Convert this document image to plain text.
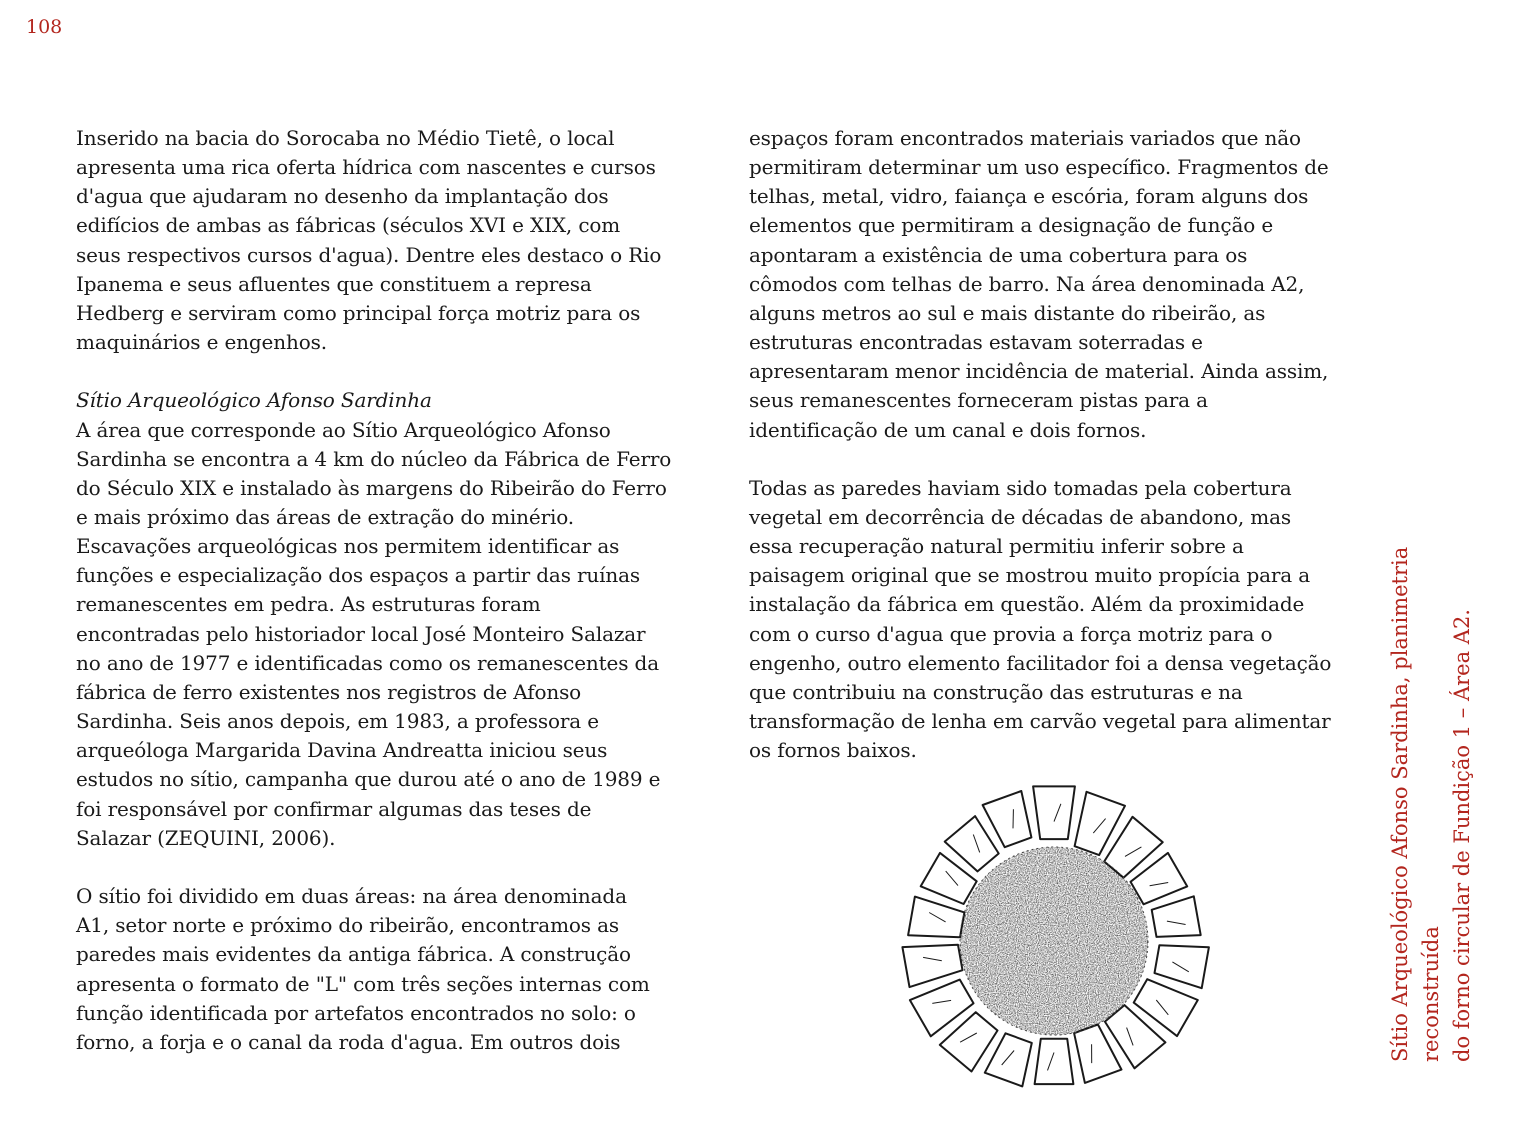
108

Inserido na bacia do Sorocaba no Médio Tietê, o local
apresenta uma rica oferta hídrica com nascentes e cursos
d'agua que ajudaram no desenho da implantação dos
edifícios de ambas as fábricas (séculos XVI e XIX, com
seus respectivos cursos d'agua). Dentre eles destaco o Rio
Ipanema e seus afluentes que constituem a represa
Hedberg e serviram como principal força motriz para os
maquinários e engenhos.

Sítio Arqueológico Afonso Sardinha

A área que corresponde ao Sítio Arqueológico Afonso
Sardinha se encontra a 4 km do núcleo da Fábrica de Ferro
do Século XIX e instalado às margens do Ribeirão do Ferro
e mais próximo das áreas de extração do minério.
Escavações arqueológicas nos permitem identificar as
funções e especialização dos espaços a partir das ruínas
remanescentes em pedra. As estruturas foram
encontradas pelo historiador local José Monteiro Salazar
no ano de 1977 e identificadas como os remanescentes da
fábrica de ferro existentes nos registros de Afonso
Sardinha. Seis anos depois, em 1983, a professora e
arqueóloga Margarida Davina Andreatta iniciou seus
estudos no sítio, campanha que durou até o ano de 1989 e
foi responsável por confirmar algumas das teses de
Salazar (ZEQUINI, 2006).

O sítio foi dividido em duas áreas: na área denominada
A1, setor norte e próximo do ribeirão, encontramos as
paredes mais evidentes da antiga fábrica. A construção
apresenta o formato de "L" com três seções internas com
função identificada por artefatos encontrados no solo: o
forno, a forja e o canal da roda d'agua. Em outros dois

espaços foram encontrados materiais variados que não
permitiram determinar um uso específico. Fragmentos de
telhas, metal, vidro, faiança e escória, foram alguns dos
elementos que permitiram a designação de função e
apontaram a existência de uma cobertura para os
cômodos com telhas de barro. Na área denominada A2,
alguns metros ao sul e mais distante do ribeirão, as
estruturas encontradas estavam soterradas e
apresentaram menor incidência de material. Ainda assim,
seus remanescentes forneceram pistas para a
identificação de um canal e dois fornos.

Todas as paredes haviam sido tomadas pela cobertura
vegetal em decorrência de décadas de abandono, mas
essa recuperação natural permitiu inferir sobre a
paisagem original que se mostrou muito propícia para a
instalação da fábrica em questão. Além da proximidade
com o curso d'agua que provia a força motriz para o
engenho, outro elemento facilitador foi a densa vegetação
que contribuiu na construção das estruturas e na
transformação de lenha em carvão vegetal para alimentar
os fornos baixos.

Sítio Arqueológico Afonso Sardinha, planimetria reconstruída
do forno circular de Fundição 1 – Área A2.
